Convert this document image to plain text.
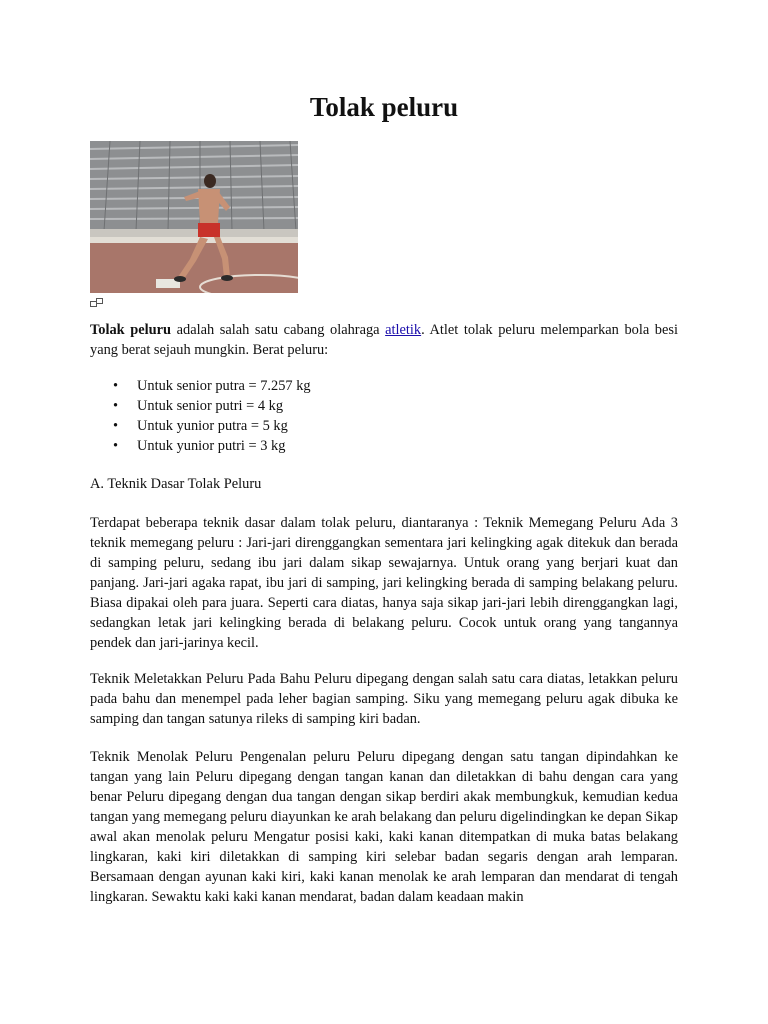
Tolak peluru

Tolak peluru adalah salah satu cabang olahraga atletik. Atlet tolak peluru melemparkan bola besi yang berat sejauh mungkin. Berat peluru:

• Untuk senior putra = 7.257 kg
• Untuk senior putri = 4 kg
• Untuk yunior putra = 5 kg
• Untuk yunior putri = 3 kg

A. Teknik Dasar Tolak Peluru

Terdapat beberapa teknik dasar dalam tolak peluru, diantaranya : Teknik Memegang Peluru Ada 3 teknik memegang peluru : Jari-jari direnggangkan sementara jari kelingking agak ditekuk dan berada di samping peluru, sedang ibu jari dalam sikap sewajarnya. Untuk orang yang berjari kuat dan panjang. Jari-jari agaka rapat, ibu jari di samping, jari kelingking berada di samping belakang peluru. Biasa dipakai oleh para juara. Seperti cara diatas, hanya saja sikap jari-jari lebih direnggangkan lagi, sedangkan letak jari kelingking berada di belakang peluru. Cocok untuk orang yang tangannya pendek dan jari-jarinya kecil.

Teknik Meletakkan Peluru Pada Bahu Peluru dipegang dengan salah satu cara diatas, letakkan peluru pada bahu dan menempel pada leher bagian samping. Siku yang memegang peluru agak dibuka ke samping dan tangan satunya rileks di samping kiri badan.

Teknik Menolak Peluru Pengenalan peluru Peluru dipegang dengan satu tangan dipindahkan ke tangan yang lain Peluru dipegang dengan tangan kanan dan diletakkan di bahu dengan cara yang benar Peluru dipegang dengan dua tangan dengan sikap berdiri akak membungkuk, kemudian kedua tangan yang memegang peluru diayunkan ke arah belakang dan peluru digelindingkan ke depan Sikap awal akan menolak peluru Mengatur posisi kaki, kaki kanan ditempatkan di muka batas belakang lingkaran, kaki kiri diletakkan di samping kiri selebar badan segaris dengan arah lemparan. Bersamaan dengan ayunan kaki kiri, kaki kanan menolak ke arah lemparan dan mendarat di tengah lingkaran. Sewaktu kaki kaki kanan mendarat, badan dalam keadaan makin
